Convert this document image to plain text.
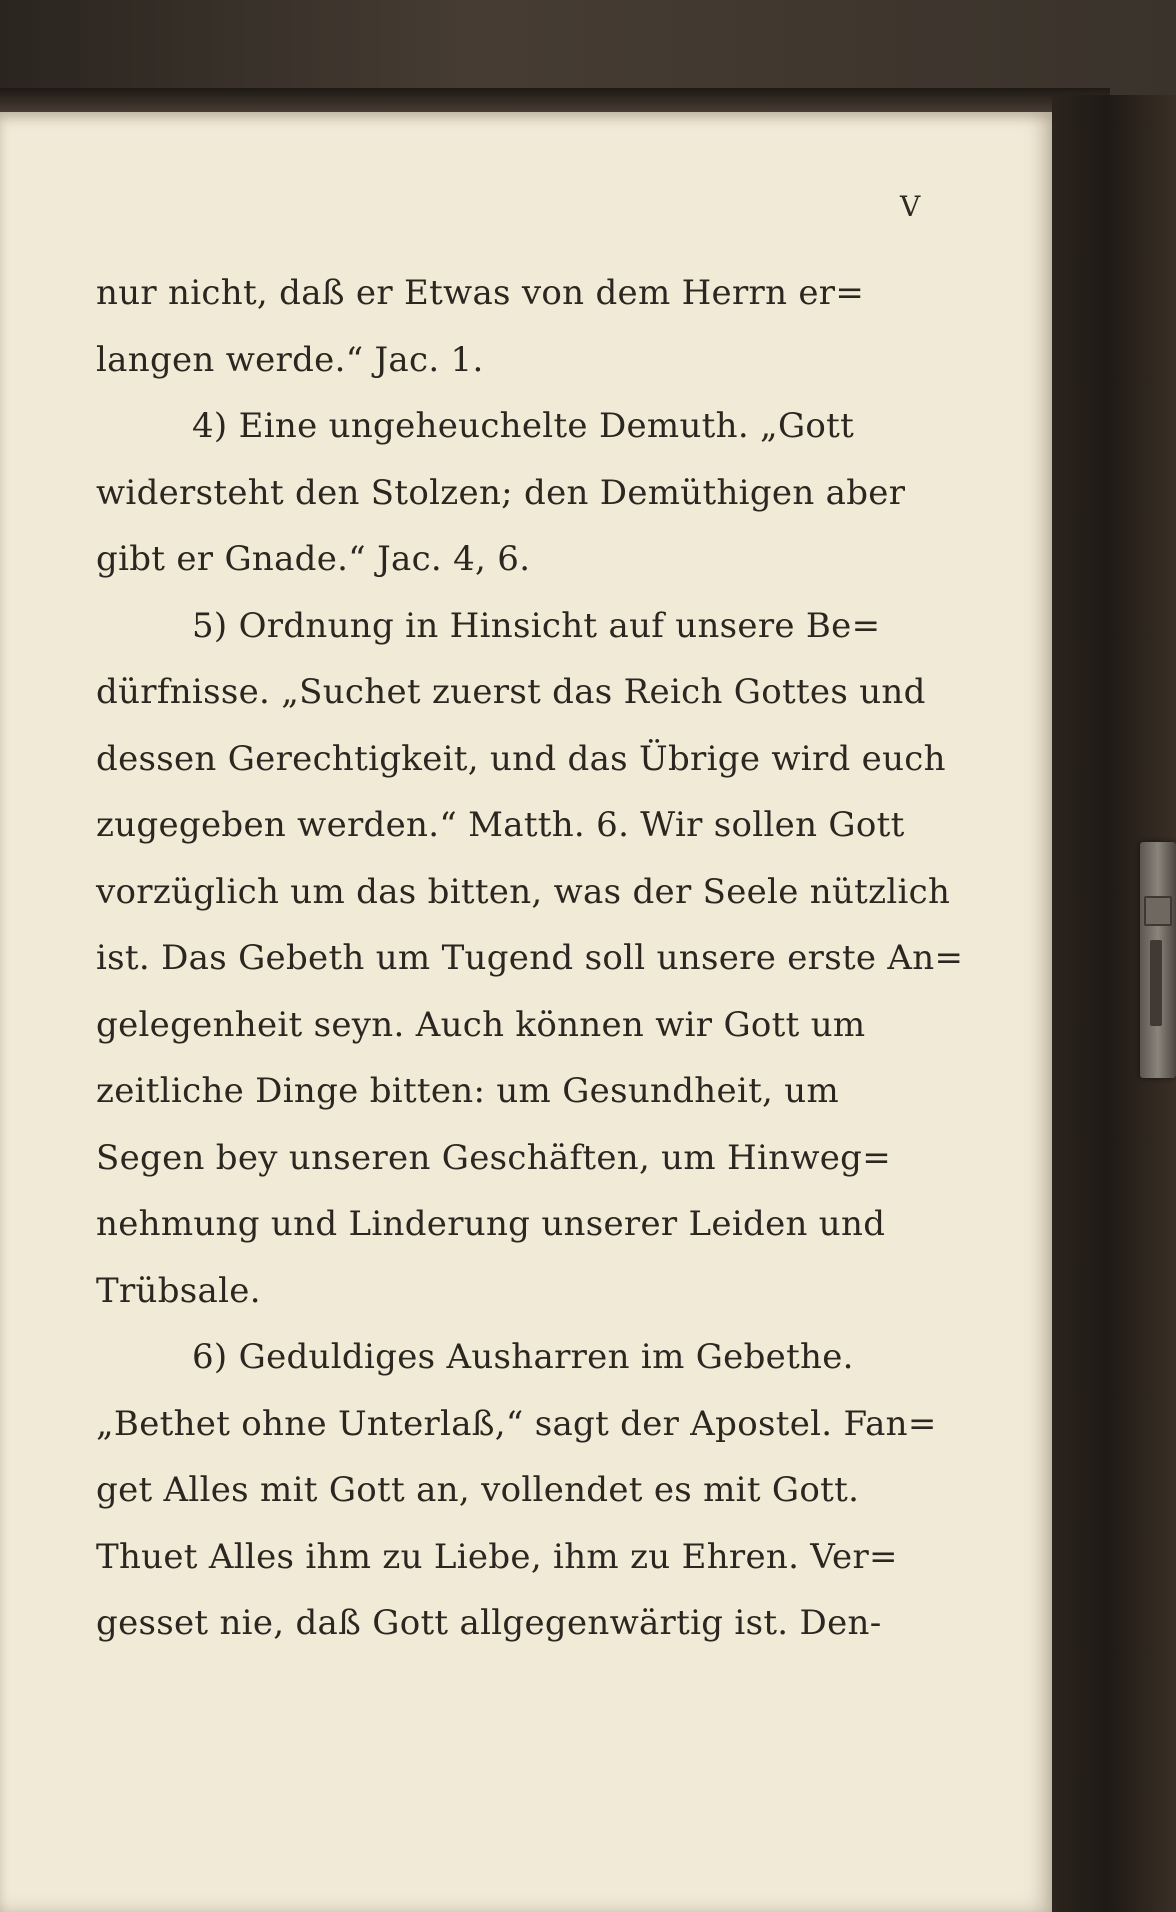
V

nur nicht, daß er Etwas von dem Herrn er=
langen werde.“ Jac. 1.
4) Eine ungeheuchelte Demuth. „Gott
widersteht den Stolzen; den Demüthigen aber
gibt er Gnade.“ Jac. 4, 6.
5) Ordnung in Hinsicht auf unsere Be=
dürfnisse. „Suchet zuerst das Reich Gottes und
dessen Gerechtigkeit, und das Übrige wird euch
zugegeben werden.“ Matth. 6. Wir sollen Gott
vorzüglich um das bitten, was der Seele nützlich
ist. Das Gebeth um Tugend soll unsere erste An=
gelegenheit seyn. Auch können wir Gott um
zeitliche Dinge bitten: um Gesundheit, um
Segen bey unseren Geschäften, um Hinweg=
nehmung und Linderung unserer Leiden und
Trübsale.
6) Geduldiges Ausharren im Gebethe.
„Bethet ohne Unterlaß,“ sagt der Apostel. Fan=
get Alles mit Gott an, vollendet es mit Gott.
Thuet Alles ihm zu Liebe, ihm zu Ehren. Ver=
gesset nie, daß Gott allgegenwärtig ist. Den-
